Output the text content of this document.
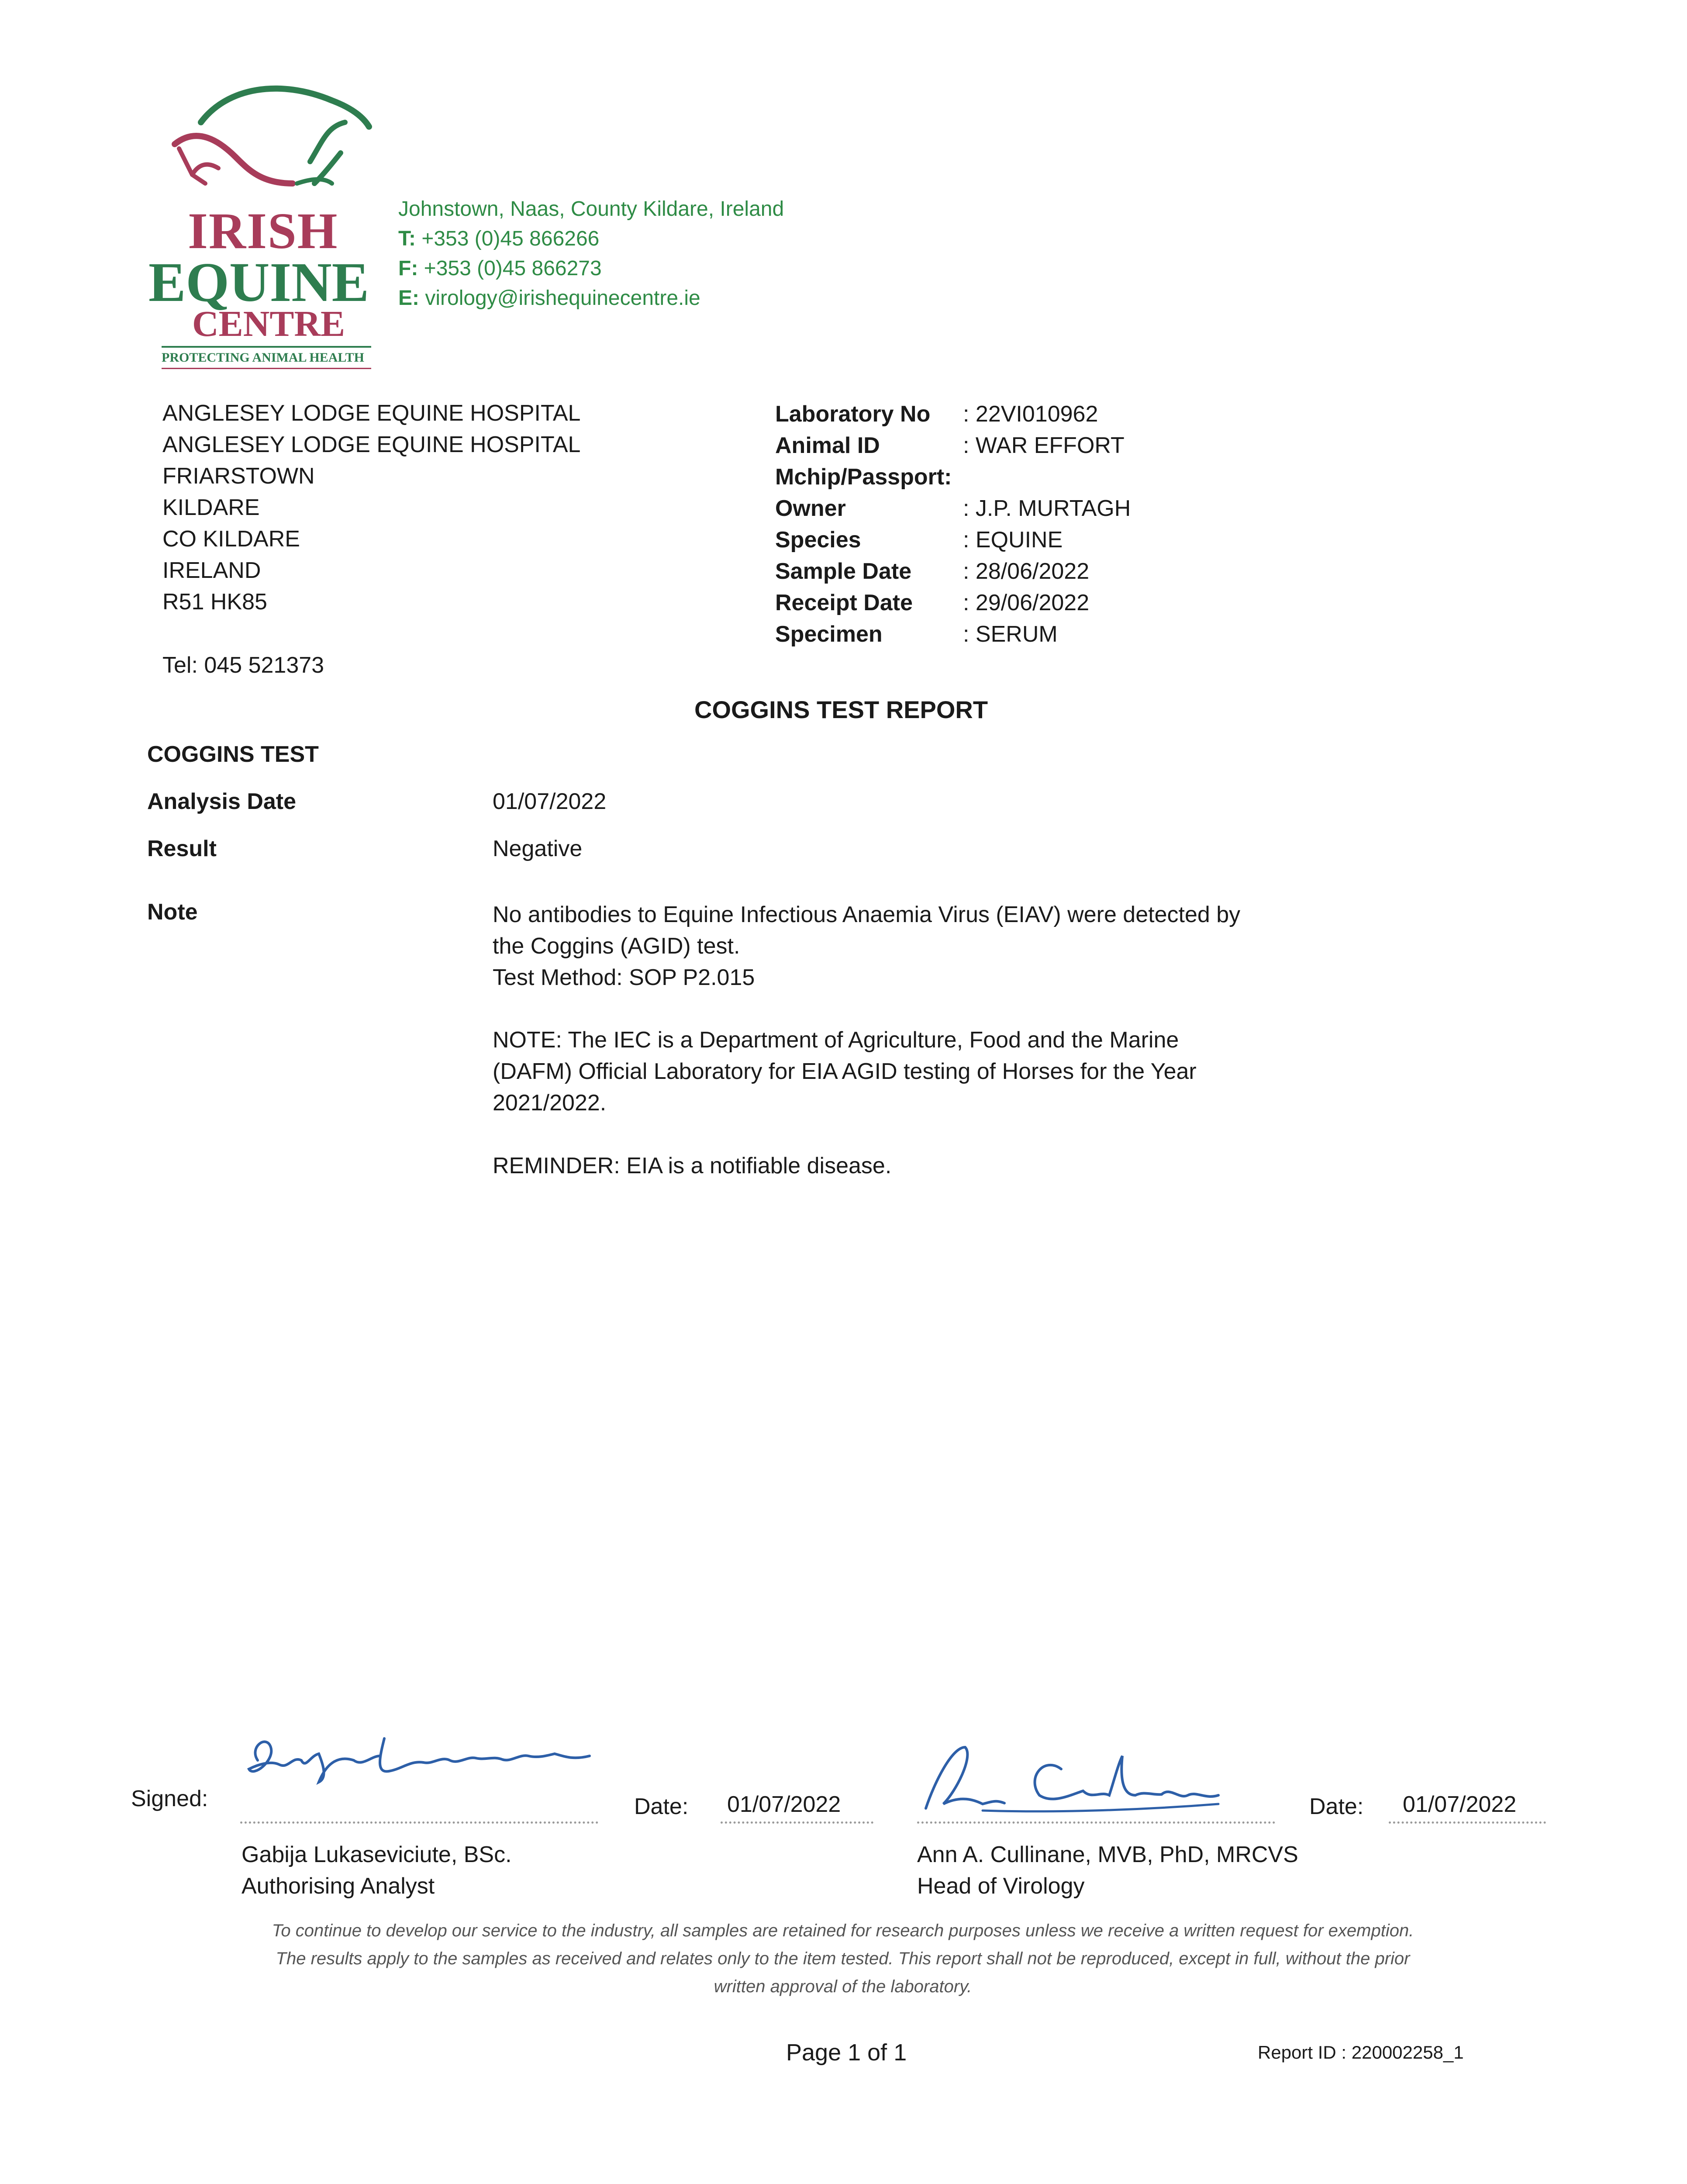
IRISH
EQUINE
CENTRE
PROTECTING ANIMAL HEALTH
Johnstown, Naas, County Kildare, Ireland
T: +353 (0)45 866266
F: +353 (0)45 866273
E: virology@irishequinecentre.ie
ANGLESEY LODGE EQUINE HOSPITAL
ANGLESEY LODGE EQUINE HOSPITAL
FRIARSTOWN
KILDARE
CO KILDARE
IRELAND
R51 HK85
Tel: 045 521373
Laboratory No : 22VI010962
Animal ID	: WAR EFFORT
Mchip/Passport:
Owner	: J.P. MURTAGH
Species	: EQUINE
Sample Date : 28/06/2022
Receipt Date : 29/06/2022
Specimen	: SERUM
COGGINS TEST REPORT
COGGINS TEST
Analysis Date	01/07/2022
Result	Negative
Note	No antibodies to Equine Infectious Anaemia Virus (EIAV) were detected by
the Coggins (AGID) test.
Test Method: SOP P2.015
NOTE: The IEC is a Department of Agriculture, Food and the Marine
(DAFM) Official Laboratory for EIA AGID testing of Horses for the Year
2021/2022.
REMINDER: EIA is a notifiable disease.
Signed:	Date: 01/07/2022
Gabija Lukaseviciute, BSc.
Authorising Analyst
Date: 01/07/2022
Ann A. Cullinane, MVB, PhD, MRCVS
Head of Virology
To continue to develop our service to the industry, all samples are retained for research purposes unless we receive a written request for exemption.
The results apply to the samples as received and relates only to the item tested. This report shall not be reproduced, except in full, without the prior
written approval of the laboratory.
Page 1 of 1	Report ID : 220002258_1
